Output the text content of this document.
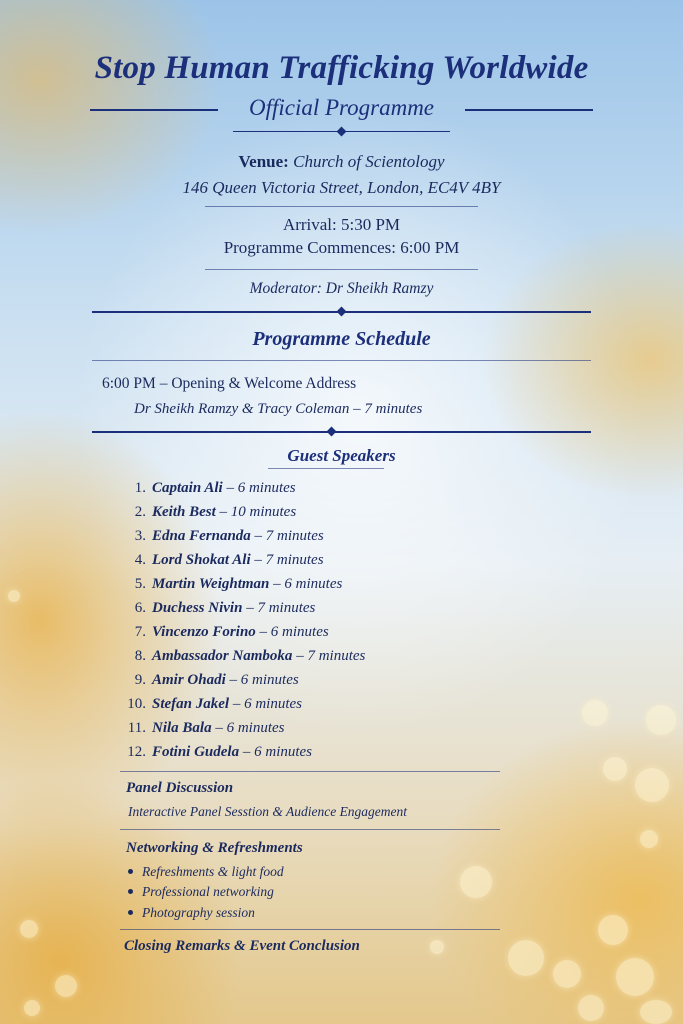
Stop Human Trafficking Worldwide
Official Programme
Venue: Church of Scientology
146 Queen Victoria Street, London, EC4V 4BY
Arrival: 5:30 PM
Programme Commences: 6:00 PM
Moderator: Dr Sheikh Ramzy
Programme Schedule
6:00 PM – Opening & Welcome Address
Dr Sheikh Ramzy & Tracy Coleman – 7 minutes
Guest Speakers
1. Captain Ali – 6 minutes
2. Keith Best – 10 minutes
3. Edna Fernanda – 7 minutes
4. Lord Shokat Ali – 7 minutes
5. Martin Weightman – 6 minutes
6. Duchess Nivin – 7 minutes
7. Vincenzo Forino – 6 minutes
8. Ambassador Namboka – 7 minutes
9. Amir Ohadi – 6 minutes
10. Stefan Jakel – 6 minutes
11. Nila Bala – 6 minutes
12. Fotini Gudela – 6 minutes
Panel Discussion
Interactive Panel Sesstion & Audience Engagement
Networking & Refreshments
Refreshments & light food
Professional networking
Photography session
Closing Remarks & Event Conclusion
